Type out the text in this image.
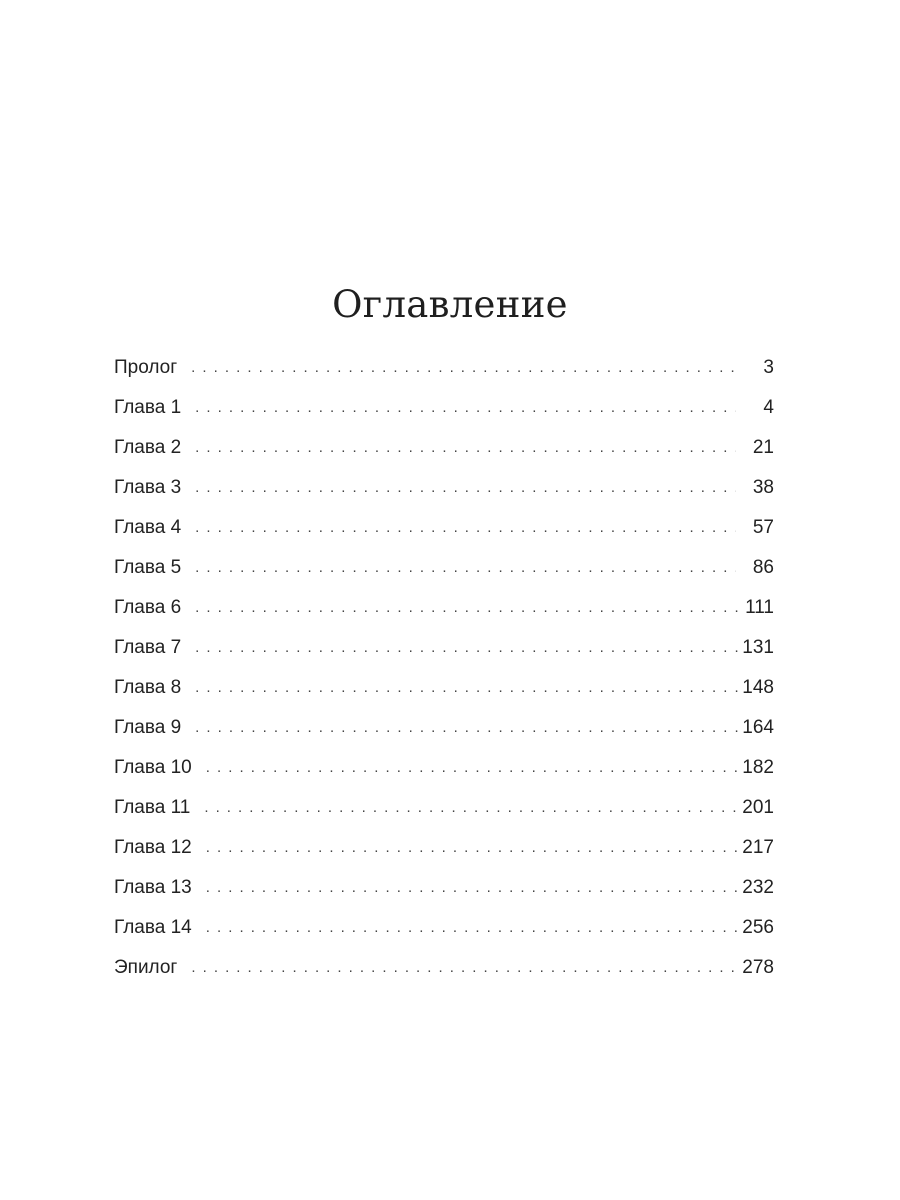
Оглавление
Пролог . . .	3
Глава 1 . . .	4
Глава 2 . . .	21
Глава 3 . . .	38
Глава 4 . . .	57
Глава 5 . . .	86
Глава 6 . . .	111
Глава 7 . . .	131
Глава 8 . . .	148
Глава 9 . . .	164
Глава 10 . . .	182
Глава 11 . . .	201
Глава 12 . . .	217
Глава 13 . . .	232
Глава 14 . . .	256
Эпилог . . .	278
